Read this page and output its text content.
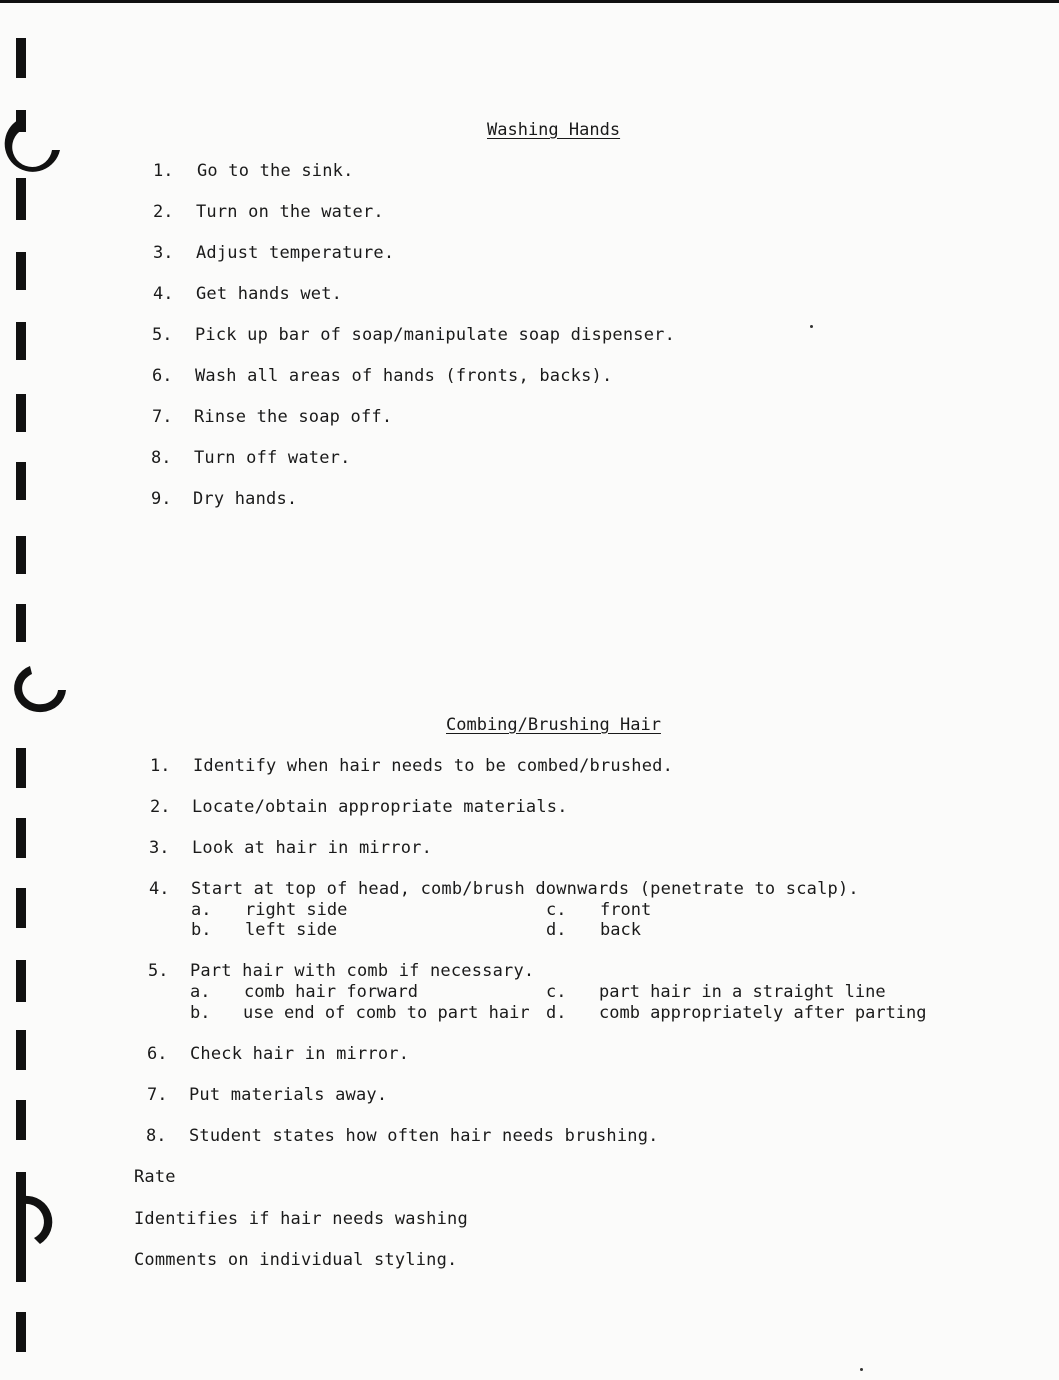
Washing Hands
1. Go to the sink.
2. Turn on the water.
3. Adjust temperature.
4. Get hands wet.
5. Pick up bar of soap/manipulate soap dispenser.
6. Wash all areas of hands (fronts, backs).
7. Rinse the soap off.
8. Turn off water.
9. Dry hands.
Combing/Brushing Hair
1. Identify when hair needs to be combed/brushed.
2. Locate/obtain appropriate materials.
3. Look at hair in mirror.
4. Start at top of head, comb/brush downwards (penetrate to scalp).
a. right side	c. front
b. left side	d. back
5. Part hair with comb if necessary.
a. comb hair forward	c. part hair in a straight line
b. use end of comb to part hair d. comb appropriately after parting
6. Check hair in mirror.
7. Put materials away.
8. Student states how often hair needs brushing.
Rate
Identifies if hair needs washing
Comments on individual styling.
